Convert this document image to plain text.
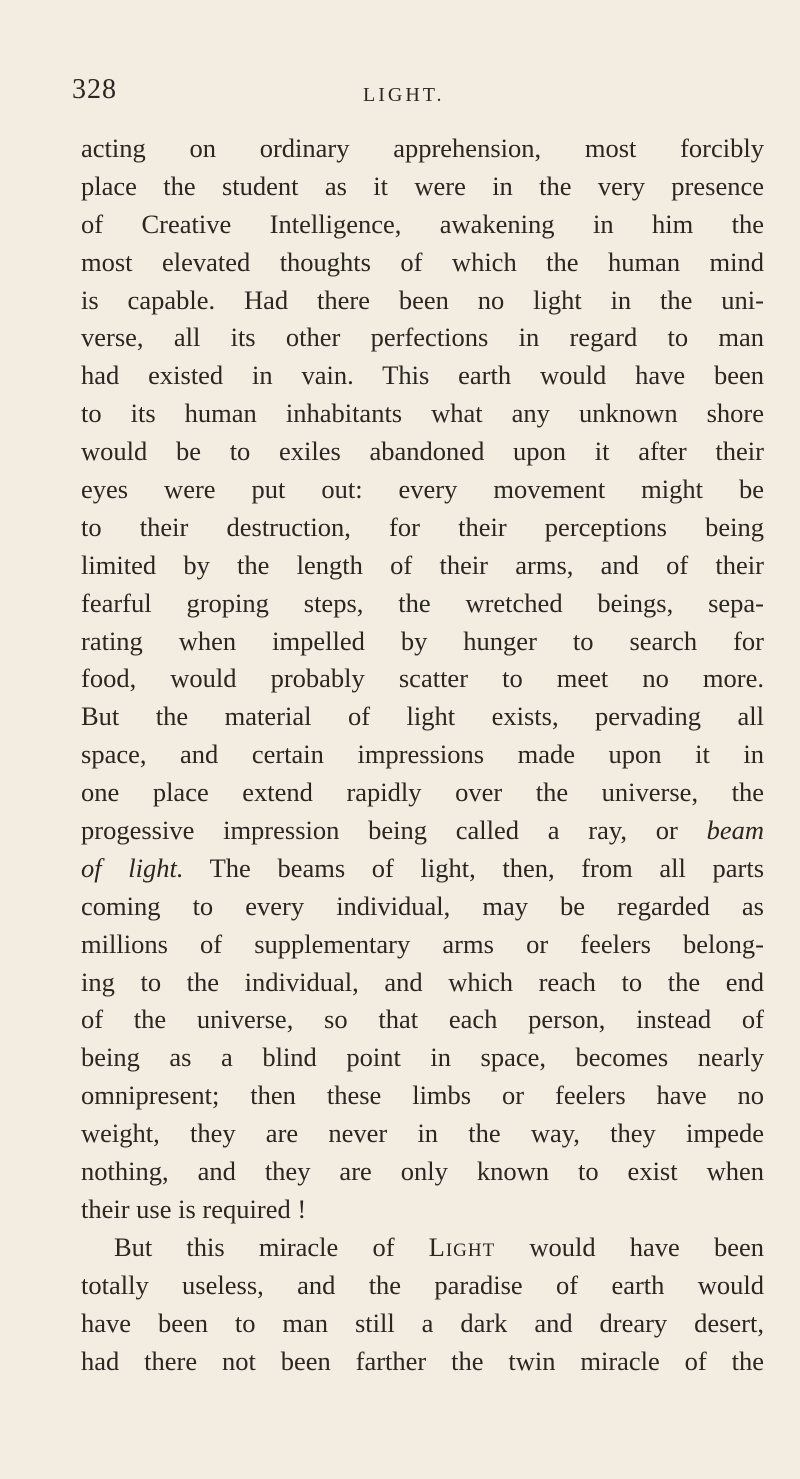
328	LIGHT.
acting on ordinary apprehension, most forcibly
place the student as it were in the very presence
of Creative Intelligence, awakening in him the
most elevated thoughts of which the human mind
is capable. Had there been no light in the uni-
verse, all its other perfections in regard to man
had existed in vain. This earth would have been
to its human inhabitants what any unknown shore
would be to exiles abandoned upon it after their
eyes were put out: every movement might be
to their destruction, for their perceptions being
limited by the length of their arms, and of their
fearful groping steps, the wretched beings, sepa-
rating when impelled by hunger to search for
food, would probably scatter to meet no more.
But the material of light exists, pervading all
space, and certain impressions made upon it in
one place extend rapidly over the universe, the
progessive impression being called a ray, or beam
of light. The beams of light, then, from all parts
coming to every individual, may be regarded as
millions of supplementary arms or feelers belong-
ing to the individual, and which reach to the end
of the universe, so that each person, instead of
being as a blind point in space, becomes nearly
omnipresent; then these limbs or feelers have no
weight, they are never in the way, they impede
nothing, and they are only known to exist when
their use is required !
But this miracle of Light would have been
totally useless, and the paradise of earth would
have been to man still a dark and dreary desert,
had there not been farther the twin miracle of the
